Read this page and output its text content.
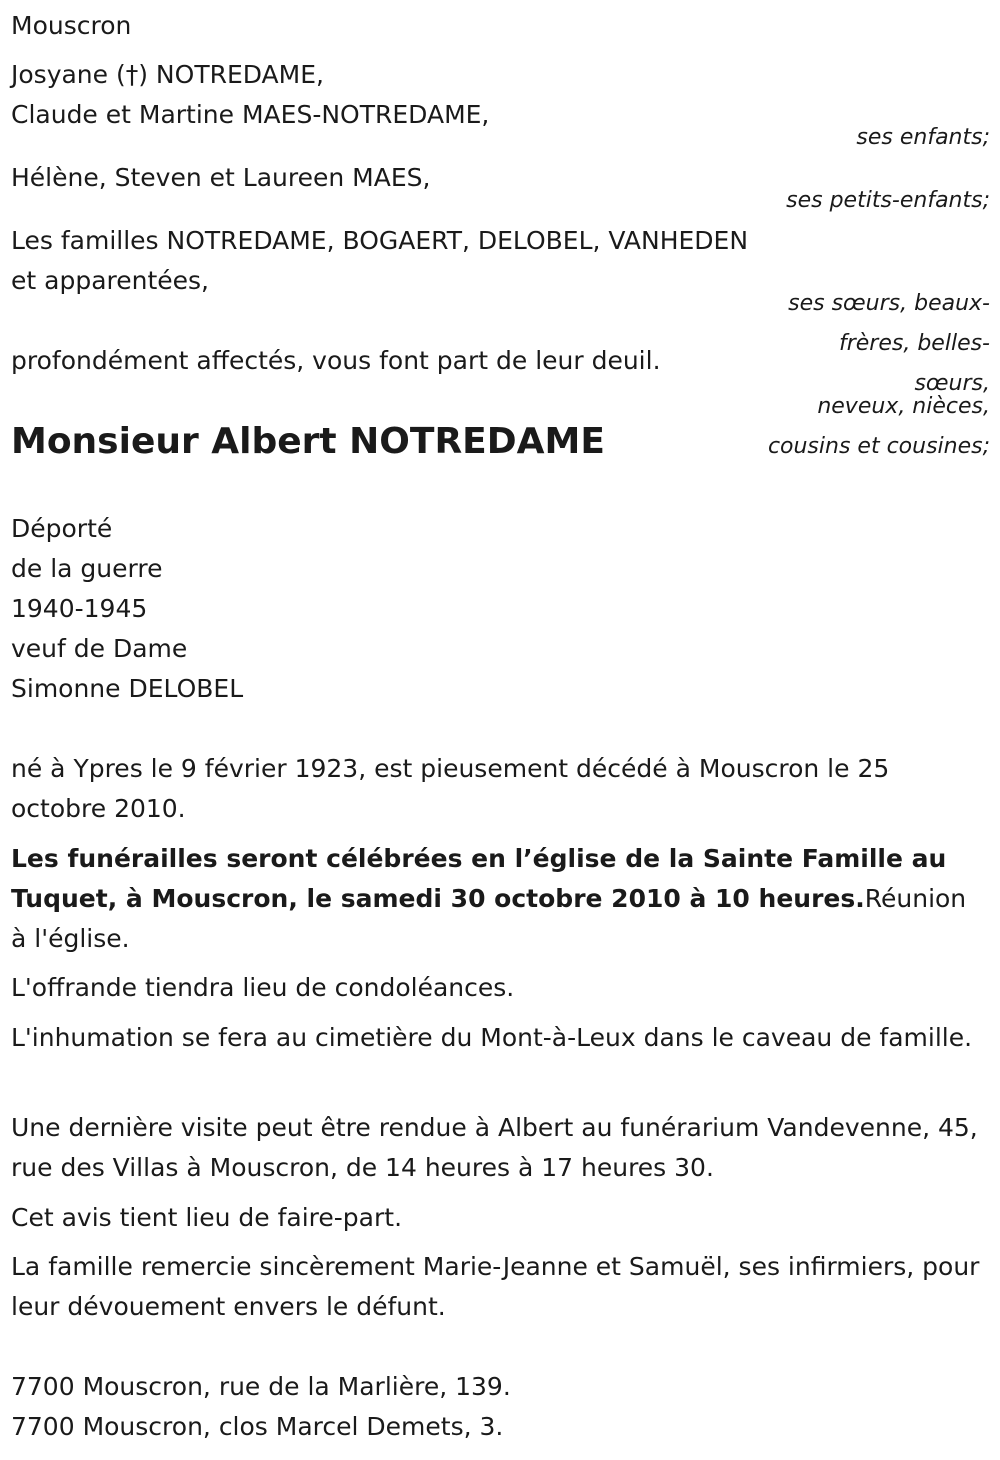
Mouscron
Josyane (†) NOTREDAME,
Claude et Martine MAES-NOTREDAME,
ses enfants;
Hélène, Steven et Laureen MAES,
ses petits-enfants;
Les familles NOTREDAME, BOGAERT, DELOBEL, VANHEDEN
et apparentées,
ses sœurs, beaux-
frères, belles-
profondément affectés, vous font part de leur deuil.
sœurs,
neveux, nièces,
cousins et cousines;
Monsieur Albert NOTREDAME
Déporté
de la guerre
1940-1945
veuf de Dame
Simonne DELOBEL
né à Ypres le 9 février 1923, est pieusement décédé à Mouscron le 25 octobre 2010.
Les funérailles seront célébrées en l’église de la Sainte Famille au Tuquet, à Mouscron, le samedi 30 octobre 2010 à 10 heures.Réunion à l'église.
L'offrande tiendra lieu de condoléances.
L'inhumation se fera au cimetière du Mont-à-Leux dans le caveau de famille.
Une dernière visite peut être rendue à Albert au funérarium Vandevenne, 45, rue des Villas à Mouscron, de 14 heures à 17 heures 30.
Cet avis tient lieu de faire-part.
La famille remercie sincèrement Marie-Jeanne et Samuël, ses infirmiers, pour leur dévouement envers le défunt.
7700 Mouscron, rue de la Marlière, 139.
7700 Mouscron, clos Marcel Demets, 3.
